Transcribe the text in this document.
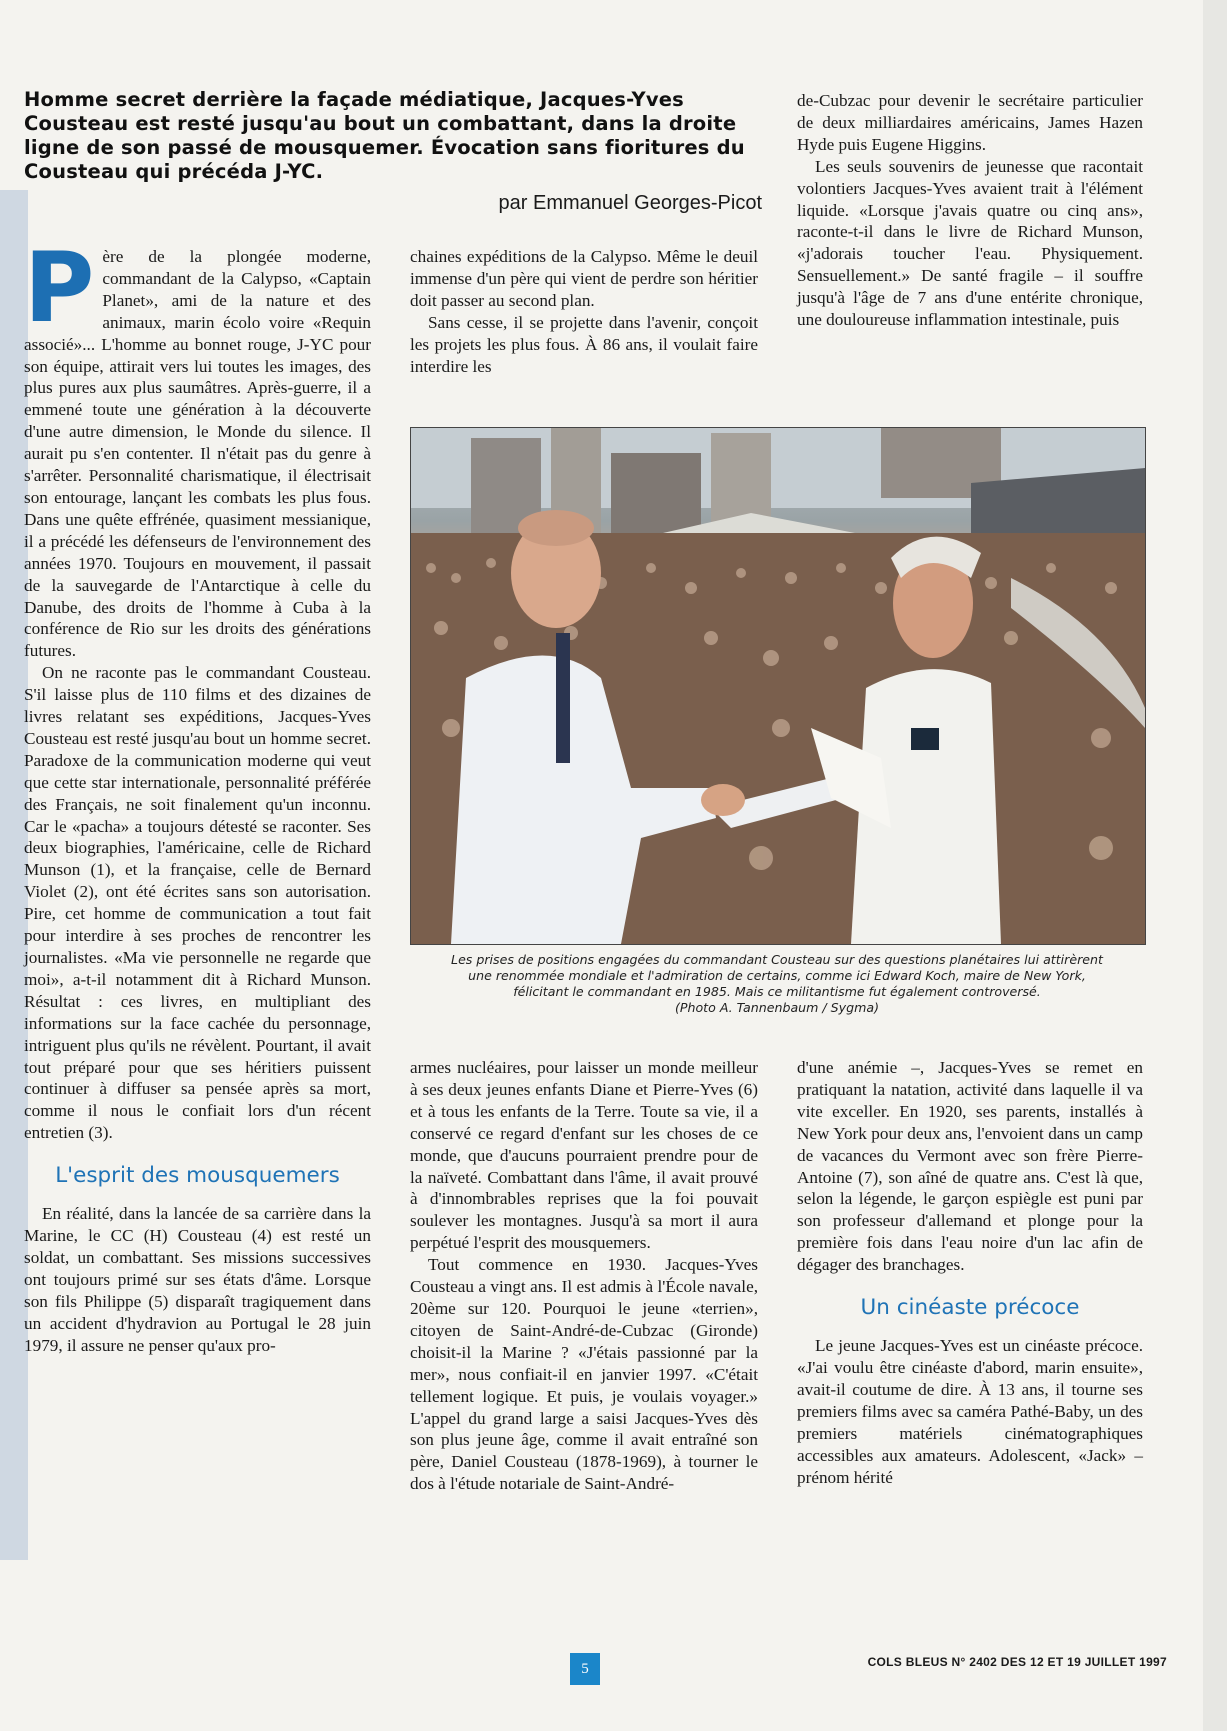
Homme secret derrière la façade médiatique, Jacques-Yves Cousteau est resté jusqu'au bout un combattant, dans la droite ligne de son passé de mousquemer. Évocation sans fioritures du Cousteau qui précéda J-YC.
par Emmanuel Georges-Picot

Père de la plongée moderne, commandant de la Calypso, «Captain Planet», ami de la nature et des animaux, marin écolo voire «Requin associé»... L'homme au bonnet rouge, J-YC pour son équipe, attirait vers lui toutes les images, des plus pures aux plus saumâtres. Après-guerre, il a emmené toute une génération à la découverte d'une autre dimension, le Monde du silence. Il aurait pu s'en contenter. Il n'était pas du genre à s'arrêter. Personnalité charismatique, il électrisait son entourage, lançant les combats les plus fous. Dans une quête effrénée, quasiment messianique, il a précédé les défenseurs de l'environnement des années 1970. Toujours en mouvement, il passait de la sauvegarde de l'Antarctique à celle du Danube, des droits de l'homme à Cuba à la conférence de Rio sur les droits des générations futures.

On ne raconte pas le commandant Cousteau. S'il laisse plus de 110 films et des dizaines de livres relatant ses expéditions, Jacques-Yves Cousteau est resté jusqu'au bout un homme secret. Paradoxe de la communication moderne qui veut que cette star internationale, personnalité préférée des Français, ne soit finalement qu'un inconnu. Car le «pacha» a toujours détesté se raconter. Ses deux biographies, l'américaine, celle de Richard Munson (1), et la française, celle de Bernard Violet (2), ont été écrites sans son autorisation. Pire, cet homme de communication a tout fait pour interdire à ses proches de rencontrer les journalistes. «Ma vie personnelle ne regarde que moi», a-t-il notamment dit à Richard Munson. Résultat : ces livres, en multipliant des informations sur la face cachée du personnage, intriguent plus qu'ils ne révèlent. Pourtant, il avait tout préparé pour que ses héritiers puissent continuer à diffuser sa pensée après sa mort, comme il nous le confiait lors d'un récent entretien (3).

L'esprit des mousquemers

En réalité, dans la lancée de sa carrière dans la Marine, le CC (H) Cousteau (4) est resté un soldat, un combattant. Ses missions successives ont toujours primé sur ses états d'âme. Lorsque son fils Philippe (5) disparaît tragiquement dans un accident d'hydravion au Portugal le 28 juin 1979, il assure ne penser qu'aux pro-

chaines expéditions de la Calypso. Même le deuil immense d'un père qui vient de perdre son héritier doit passer au second plan.

Sans cesse, il se projette dans l'avenir, conçoit les projets les plus fous. À 86 ans, il voulait faire interdire les

de-Cubzac pour devenir le secrétaire particulier de deux milliardaires américains, James Hazen Hyde puis Eugene Higgins.

Les seuls souvenirs de jeunesse que racontait volontiers Jacques-Yves avaient trait à l'élément liquide. «Lorsque j'avais quatre ou cinq ans», raconte-t-il dans le livre de Richard Munson, «j'adorais toucher l'eau. Physiquement. Sensuellement.» De santé fragile – il souffre jusqu'à l'âge de 7 ans d'une entérite chronique, une douloureuse inflammation intestinale, puis

Les prises de positions engagées du commandant Cousteau sur des questions planétaires lui attirèrent
une renommée mondiale et l'admiration de certains, comme ici Edward Koch, maire de New York,
félicitant le commandant en 1985. Mais ce militantisme fut également controversé.
(Photo A. Tannenbaum / Sygma)

armes nucléaires, pour laisser un monde meilleur à ses deux jeunes enfants Diane et Pierre-Yves (6) et à tous les enfants de la Terre. Toute sa vie, il a conservé ce regard d'enfant sur les choses de ce monde, que d'aucuns pourraient prendre pour de la naïveté. Combattant dans l'âme, il avait prouvé à d'innombrables reprises que la foi pouvait soulever les montagnes. Jusqu'à sa mort il aura perpétué l'esprit des mousquemers.

Tout commence en 1930. Jacques-Yves Cousteau a vingt ans. Il est admis à l'École navale, 20ème sur 120. Pourquoi le jeune «terrien», citoyen de Saint-André-de-Cubzac (Gironde) choisit-il la Marine ? «J'étais passionné par la mer», nous confiait-il en janvier 1997. «C'était tellement logique. Et puis, je voulais voyager.» L'appel du grand large a saisi Jacques-Yves dès son plus jeune âge, comme il avait entraîné son père, Daniel Cousteau (1878-1969), à tourner le dos à l'étude notariale de Saint-André-

d'une anémie –, Jacques-Yves se remet en pratiquant la natation, activité dans laquelle il va vite exceller. En 1920, ses parents, installés à New York pour deux ans, l'envoient dans un camp de vacances du Vermont avec son frère Pierre-Antoine (7), son aîné de quatre ans. C'est là que, selon la légende, le garçon espiègle est puni par son professeur d'allemand et plonge pour la première fois dans l'eau noire d'un lac afin de dégager des branchages.

Un cinéaste précoce

Le jeune Jacques-Yves est un cinéaste précoce. «J'ai voulu être cinéaste d'abord, marin ensuite», avait-il coutume de dire. À 13 ans, il tourne ses premiers films avec sa caméra Pathé-Baby, un des premiers matériels cinématographiques accessibles aux amateurs. Adolescent, «Jack» – prénom hérité

5	COLS BLEUS N° 2402 DES 12 ET 19 JUILLET 1997
